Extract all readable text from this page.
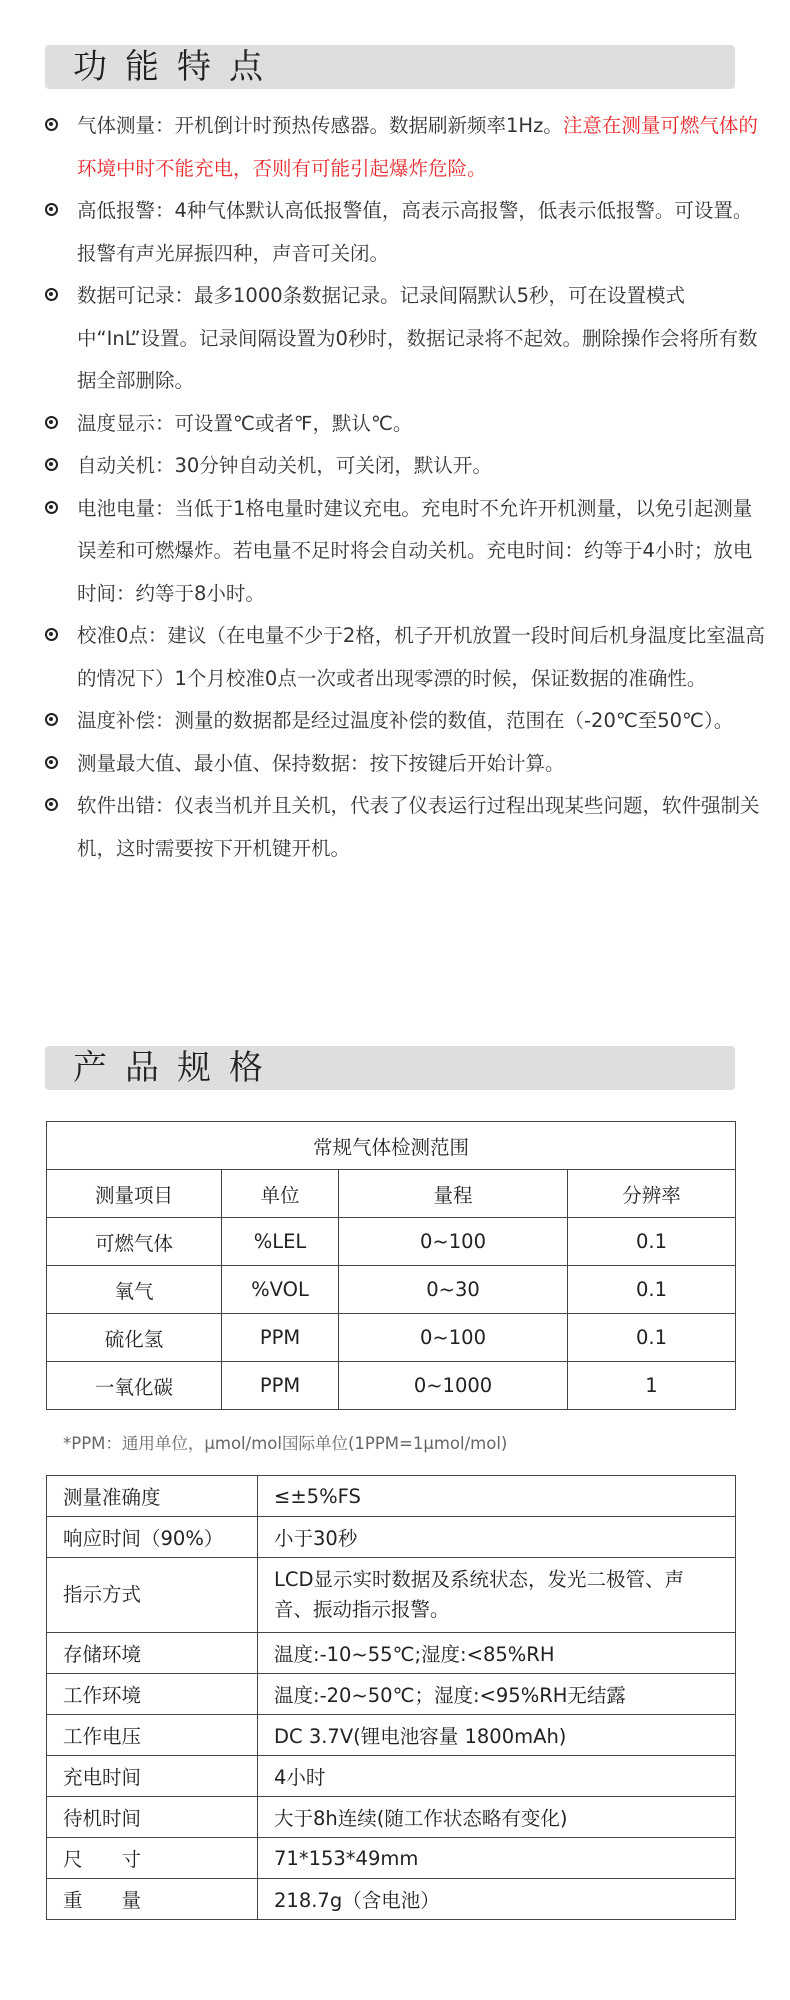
功能特点
气体测量：开机倒计时预热传感器。数据刷新频率1Hz。注意在测量可燃气体的环境中时不能充电，否则有可能引起爆炸危险。
高低报警：4种气体默认高低报警值，高表示高报警，低表示低报警。可设置。报警有声光屏振四种，声音可关闭。
数据可记录：最多1000条数据记录。记录间隔默认5秒，可在设置模式中“InL”设置。记录间隔设置为0秒时，数据记录将不起效。删除操作会将所有数据全部删除。
温度显示：可设置℃或者℉，默认℃。
自动关机：30分钟自动关机，可关闭，默认开。
电池电量：当低于1格电量时建议充电。充电时不允许开机测量，以免引起测量误差和可燃爆炸。若电量不足时将会自动关机。充电时间：约等于4小时；放电时间：约等于8小时。
校准0点：建议（在电量不少于2格，机子开机放置一段时间后机身温度比室温高的情况下）1个月校准0点一次或者出现零漂的时候，保证数据的准确性。
温度补偿：测量的数据都是经过温度补偿的数值，范围在（-20℃至50℃）。
测量最大值、最小值、保持数据：按下按键后开始计算。
软件出错：仪表当机并且关机，代表了仪表运行过程出现某些问题，软件强制关机，这时需要按下开机键开机。
产品规格
常规气体检测范围			
测量项目	单位	量程	分辨率
可燃气体	%LEL	0~100	0.1
氧气	%VOL	0~30	0.1
硫化氢	PPM	0~100	0.1
一氧化碳	PPM	0~1000	1
*PPM：通用单位，μmol/mol国际单位(1PPM=1μmol/mol)
测量准确度	≤±5%FS
响应时间（90%）	小于30秒
指示方式	LCD显示实时数据及系统状态，发光二极管、声音、振动指示报警。
存储环境	温度:-10~55℃;湿度:<85%RH
工作环境	温度:-20~50℃；湿度:<95%RH无结露
工作电压	DC 3.7V(锂电池容量 1800mAh)
充电时间	4小时
待机时间	大于8h连续(随工作状态略有变化)
尺　　寸	71*153*49mm
重　　量	218.7g（含电池）
